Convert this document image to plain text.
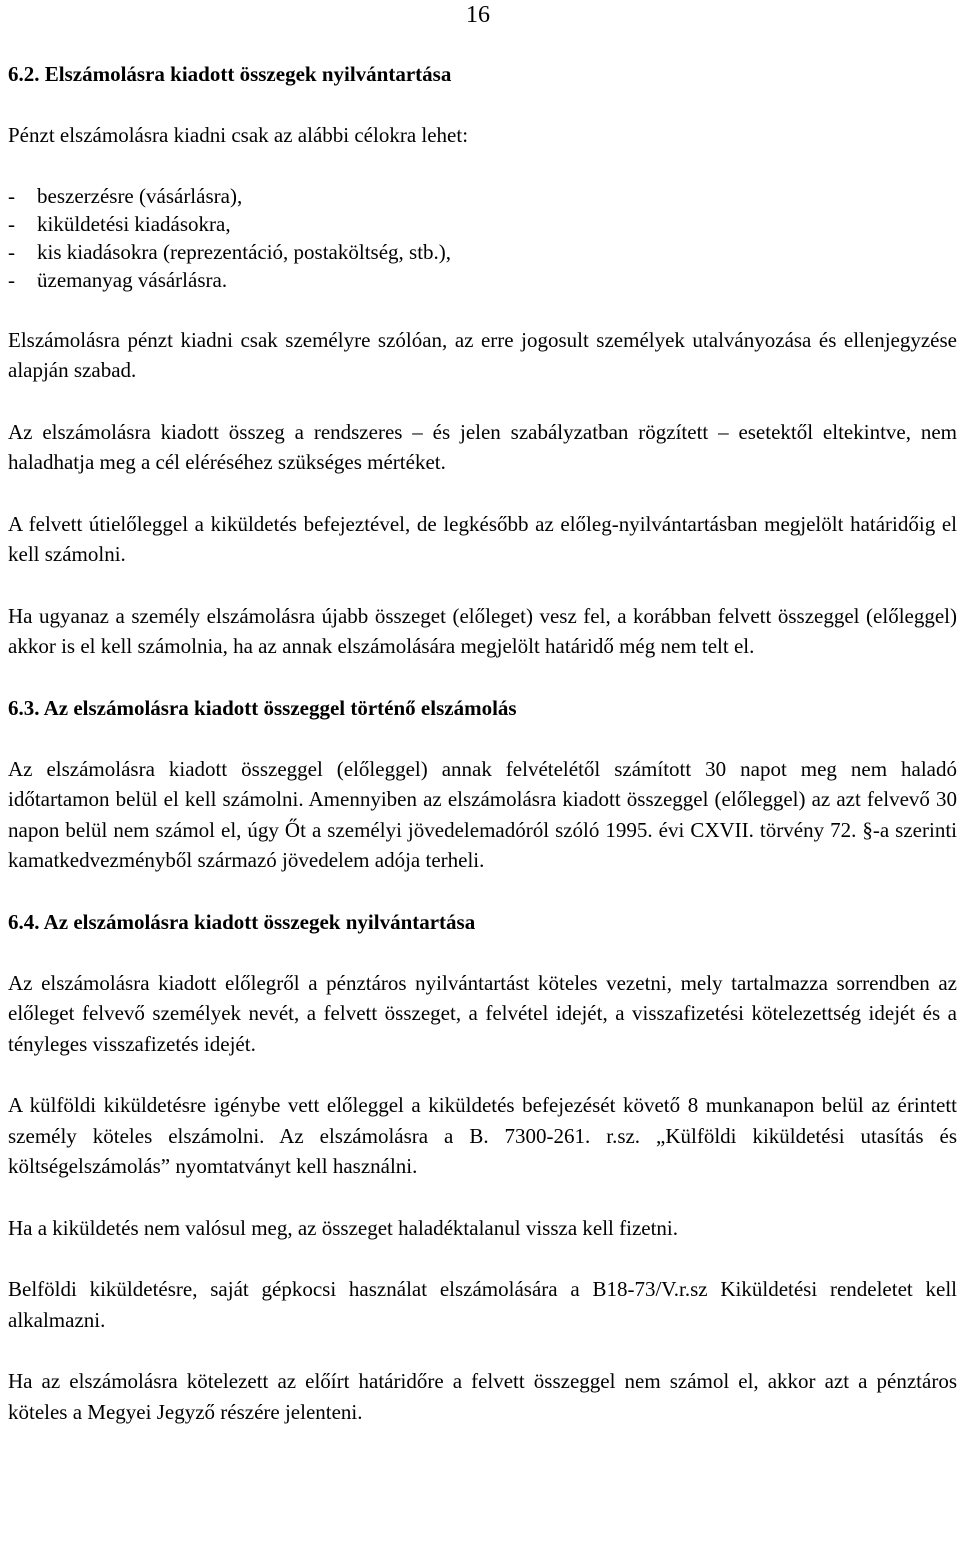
16
6.2. Elszámolásra kiadott összegek nyilvántartása

Pénzt elszámolásra kiadni csak az alábbi célokra lehet:

- beszerzésre (vásárlásra),
- kiküldetési kiadásokra,
- kis kiadásokra (reprezentáció, postaköltség, stb.),
- üzemanyag vásárlásra.

Elszámolásra pénzt kiadni csak személyre szólóan, az erre jogosult személyek utalványozása és ellenjegyzése alapján szabad.

Az elszámolásra kiadott összeg a rendszeres – és jelen szabályzatban rögzített – esetektől eltekintve, nem haladhatja meg a cél eléréséhez szükséges mértéket.

A felvett útielőleggel a kiküldetés befejeztével, de legkésőbb az előleg-nyilvántartásban megjelölt határidőig el kell számolni.

Ha ugyanaz a személy elszámolásra újabb összeget (előleget) vesz fel, a korábban felvett összeggel (előleggel) akkor is el kell számolnia, ha az annak elszámolására megjelölt határidő még nem telt el.

6.3. Az elszámolásra kiadott összeggel történő elszámolás

Az elszámolásra kiadott összeggel (előleggel) annak felvételétől számított 30 napot meg nem haladó időtartamon belül el kell számolni. Amennyiben az elszámolásra kiadott összeggel (előleggel) az azt felvevő 30 napon belül nem számol el, úgy Őt a személyi jövedelemadóról szóló 1995. évi CXVII. törvény 72. §-a szerinti kamatkedvezményből származó jövedelem adója terheli.

6.4. Az elszámolásra kiadott összegek nyilvántartása

Az elszámolásra kiadott előlegről a pénztáros nyilvántartást köteles vezetni, mely tartalmazza sorrendben az előleget felvevő személyek nevét, a felvett összeget, a felvétel idejét, a visszafizetési kötelezettség idejét és a tényleges visszafizetés idejét.

A külföldi kiküldetésre igénybe vett előleggel a kiküldetés befejezését követő 8 munkanapon belül az érintett személy köteles elszámolni. Az elszámolásra a B. 7300-261. r.sz. „Külföldi kiküldetési utasítás és költségelszámolás” nyomtatványt kell használni.

Ha a kiküldetés nem valósul meg, az összeget haladéktalanul vissza kell fizetni.

Belföldi kiküldetésre, saját gépkocsi használat elszámolására a B18-73/V.r.sz Kiküldetési rendeletet kell alkalmazni.

Ha az elszámolásra kötelezett az előírt határidőre a felvett összeggel nem számol el, akkor azt a pénztáros köteles a Megyei Jegyző részére jelenteni.
